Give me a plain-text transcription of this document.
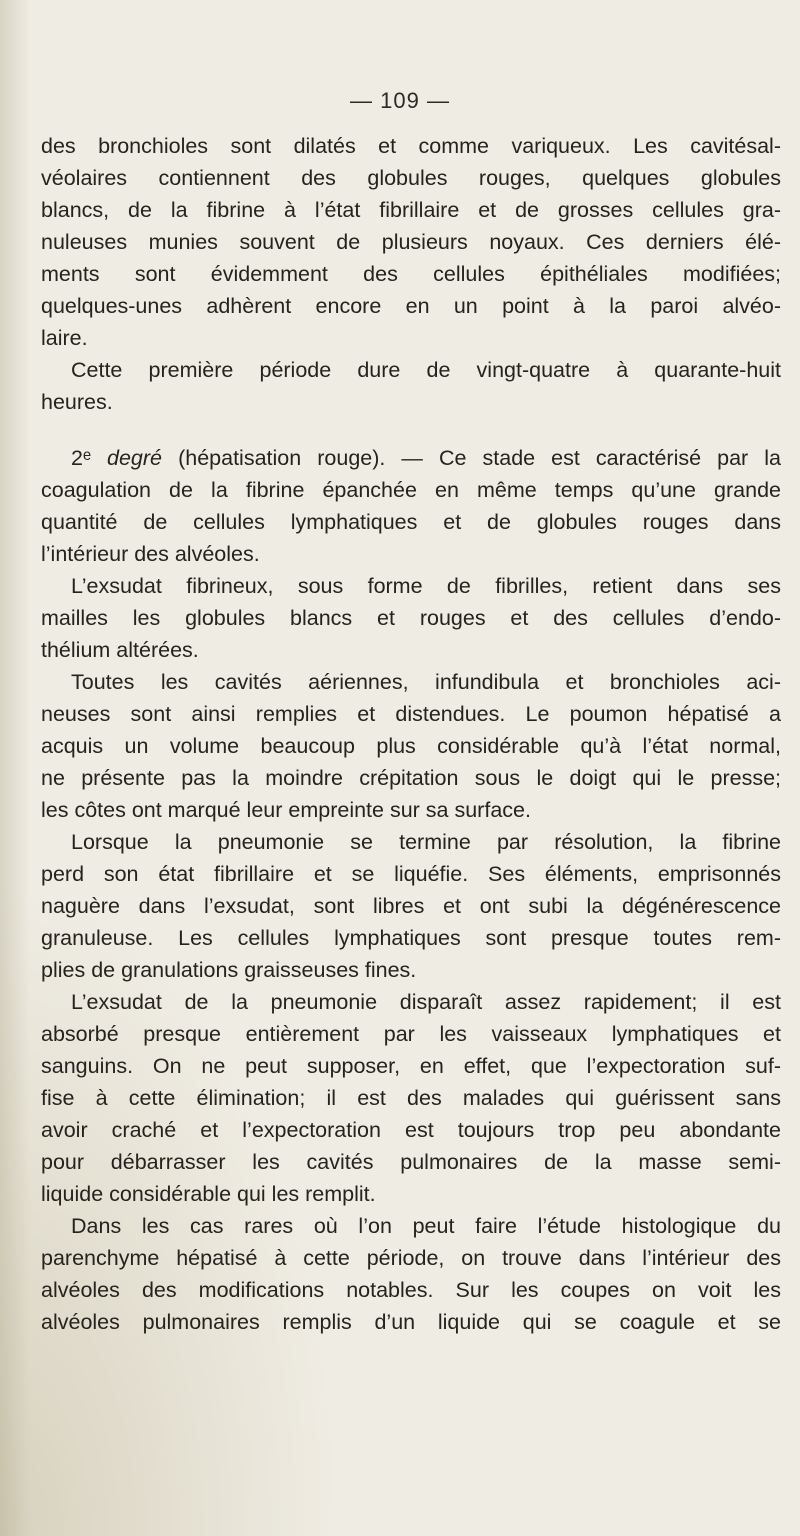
— 109 —
des bronchioles sont dilatés et comme variqueux. Les cavitésal-
véolaires contiennent des globules rouges, quelques globules
blancs, de la fibrine à l’état fibrillaire et de grosses cellules gra-
nuleuses munies souvent de plusieurs noyaux. Ces derniers élé-
ments sont évidemment des cellules épithéliales modifiées;
quelques-unes adhèrent encore en un point à la paroi alvéo-
laire.
Cette première période dure de vingt-quatre à quarante-huit
heures.
2ᵉ degré (hépatisation rouge). — Ce stade est caractérisé par la
coagulation de la fibrine épanchée en même temps qu’une grande
quantité de cellules lymphatiques et de globules rouges dans
l’intérieur des alvéoles.
L’exsudat fibrineux, sous forme de fibrilles, retient dans ses
mailles les globules blancs et rouges et des cellules d’endo-
thélium altérées.
Toutes les cavités aériennes, infundibula et bronchioles aci-
neuses sont ainsi remplies et distendues. Le poumon hépatisé a
acquis un volume beaucoup plus considérable qu’à l’état normal,
ne présente pas la moindre crépitation sous le doigt qui le presse;
les côtes ont marqué leur empreinte sur sa surface.
Lorsque la pneumonie se termine par résolution, la fibrine
perd son état fibrillaire et se liquéfie. Ses éléments, emprisonnés
naguère dans l’exsudat, sont libres et ont subi la dégénérescence
granuleuse. Les cellules lymphatiques sont presque toutes rem-
plies de granulations graisseuses fines.
L’exsudat de la pneumonie disparaît assez rapidement; il est
absorbé presque entièrement par les vaisseaux lymphatiques et
sanguins. On ne peut supposer, en effet, que l’expectoration suf-
fise à cette élimination; il est des malades qui guérissent sans
avoir craché et l’expectoration est toujours trop peu abondante
pour débarrasser les cavités pulmonaires de la masse semi-
liquide considérable qui les remplit.
Dans les cas rares où l’on peut faire l’étude histologique du
parenchyme hépatisé à cette période, on trouve dans l’intérieur des
alvéoles des modifications notables. Sur les coupes on voit les
alvéoles pulmonaires remplis d’un liquide qui se coagule et se
